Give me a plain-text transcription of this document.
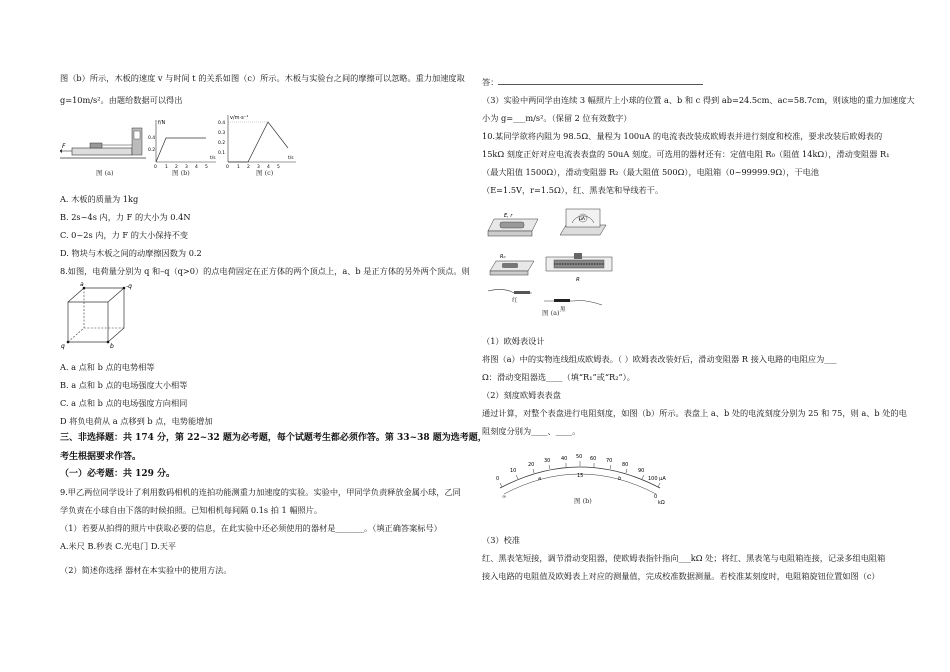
图（b）所示，木板的速度 v 与时间 t 的关系如图（c）所示。木板与实验台之间的摩擦可以忽略。重力加速度取
g=10m/s²。由题给数据可以得出
F
图 (a)
f/N
0.4
0.2
0 1 2 3 4 5
t/s
图 (b)
v/m·s⁻¹
0.4
0.3
0.2
0.1
0 1 2 3 4 5
t/s
图 (c)
A. 木板的质量为 1kg
B. 2s~4s 内，力 F 的大小为 0.4N
C. 0~2s 内，力 F 的大小保持不变
D. 物块与木板之间的动摩擦因数为 0.2
8.如图，电荷量分别为 q 和–q（q>0）的点电荷固定在正方体的两个顶点上，a、b 是正方体的另外两个顶点。则
a	-q
q	b
A. a 点和 b 点的电势相等
B. a 点和 b 点的电场强度大小相等
C. a 点和 b 点的电场强度方向相同
D 将负电荷从 a 点移到 b 点，电势能增加
三、非选择题：共 174 分，第 22~32 题为必考题，每个试题考生都必须作答。第 33~38 题为选考题，
考生根据要求作答。
（一）必考题：共 129 分。
9.甲乙两位同学设计了利用数码相机的连拍功能测重力加速度的实验。实验中，甲同学负责释放金属小球，乙同
学负责在小球自由下落的时候拍照。已知相机每间隔 0.1s 拍 1 幅照片。
（1）若要从拍得的照片中获取必要的信息，在此实验中还必须使用的器材是_______。（填正确答案标号）
A.米尺 B.秒表 C.光电门 D.天平
（2）简述你选择 器材在本实验中的使用方法。
答：
（3）实验中两同学由连续 3 幅照片上小球的位置 a、b 和 c 得到 ab=24.5cm、ac=58.7cm，则该地的重力加速度大
小为 g=___m/s²。（保留 2 位有效数字）
10.某同学欲将内阻为 98.5Ω、量程为 100uA 的电流表改装成欧姆表并进行刻度和校准，要求改装后欧姆表的
15kΩ 刻度正好对应电流表表盘的 50uA 刻度。可选用的器材还有：定值电阻 R₀（阻值 14kΩ），滑动变阻器 R₁
（最大阻值 1500Ω），滑动变阻器 R₂（最大阻值 500Ω），电阻箱（0~99999.9Ω），干电池
（E=1.5V，r=1.5Ω），红、黑表笔和导线若干。
E, r
μA
R₀
R
红
黑
图 (a)
（1）欧姆表设计
将图（a）中的实物连线组成欧姆表。（ ）欧姆表改装好后，滑动变阻器 R 接入电路的电阻应为___
Ω：滑动变阻器选____（填“R₁”或“R₂”）。
（2）刻度欧姆表表盘
通过计算，对整个表盘进行电阻刻度，如图（b）所示。表盘上 a、b 处的电流刻度分别为 25 和 75，则 a、b 处的电
阻刻度分别为____、____。
0
10
20
30 40 50 60 70
80
90
100 μA
15
∞
a	b
0
kΩ
图 (b)
（3）校准
红、黑表笔短接，调节滑动变阻器，使欧姆表指针指向___kΩ 处；将红、黑表笔与电阻箱连接，记录多组电阻箱
接入电路的电阻值及欧姆表上对应的测量值，完成校准数据测量。若校准某刻度时，电阻箱旋钮位置如图（c）
